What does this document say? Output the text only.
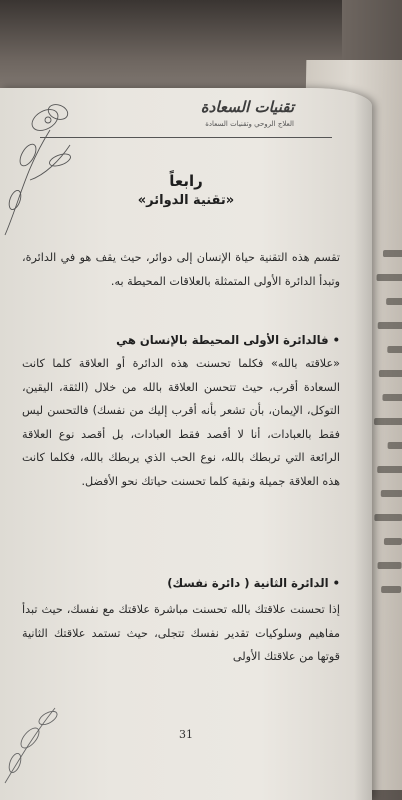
تقنيات السعادة
العلاج الروحي وتقنيات السعادة
رابعاً
«تقنية الدوائر»
تقسم هذه التقنية حياة الإنسان إلى دوائر، حيث يقف هو في الدائرة، وتبدأ الدائرة الأولى المتمثلة بالعلاقات المحيطة به.
• فالدائرة الأولى المحيطة بالإنسان هي
«علاقته بالله» فكلما تحسنت هذه الدائرة أو العلاقة كلما كانت السعادة أقرب، حيث تتحسن العلاقة بالله من خلال (الثقة، اليقين، التوكل، الإيمان، بأن تشعر بأنه أقرب إليك من نفسك) فالتحسن ليس فقط بالعبادات، أنا لا أقصد فقط العبادات، بل أقصد نوع العلاقة الرائعة التي تربطك بالله، نوع الحب الذي يربطك بالله، فكلما كانت هذه العلاقة جميلة ونقية كلما تحسنت حياتك نحو الأفضل.
• الدائرة الثانية ( دائرة نفسك)
إذا تحسنت علاقتك بالله تحسنت مباشرة علاقتك مع نفسك، حيث تبدأ مفاهيم وسلوكيات تقدير نفسك تتجلى، حيث تستمد علاقتك الثانية قوتها من علاقتك الأولى
31
